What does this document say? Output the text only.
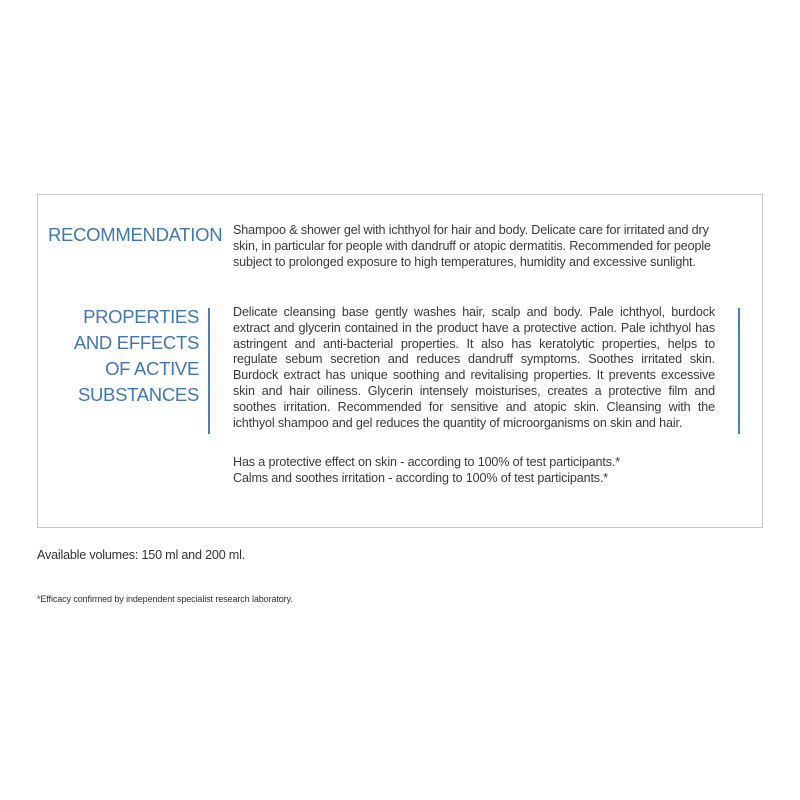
RECOMMENDATION Shampoo & shower gel with ichthyol for hair and body. Delicate care for irritated and dry skin, in particular for people with dandruff or atopic dermatitis. Recommended for people subject to prolonged exposure to high temperatures, humidity and excessive sunlight.
PROPERTIES AND EFFECTS OF ACTIVE SUBSTANCES
Delicate cleansing base gently washes hair, scalp and body. Pale ichthyol, burdock extract and glycerin contained in the product have a protective action. Pale ichthyol has astringent and anti-bacterial properties. It also has keratolytic properties, helps to regulate sebum secretion and reduces dandruff symptoms. Soothes irritated skin. Burdock extract has unique soothing and revitalising properties. It prevents excessive skin and hair oiliness. Glycerin intensely moisturises, creates a protective film and soothes irritation. Recommended for sensitive and atopic skin. Cleansing with the ichthyol shampoo and gel reduces the quantity of microorganisms on skin and hair.
Has a protective effect on skin - according to 100% of test participants.*
Calms and soothes irritation - according to 100% of test participants.*
Available volumes: 150 ml and 200 ml.
*Efficacy confirmed by independent specialist research laboratory.
